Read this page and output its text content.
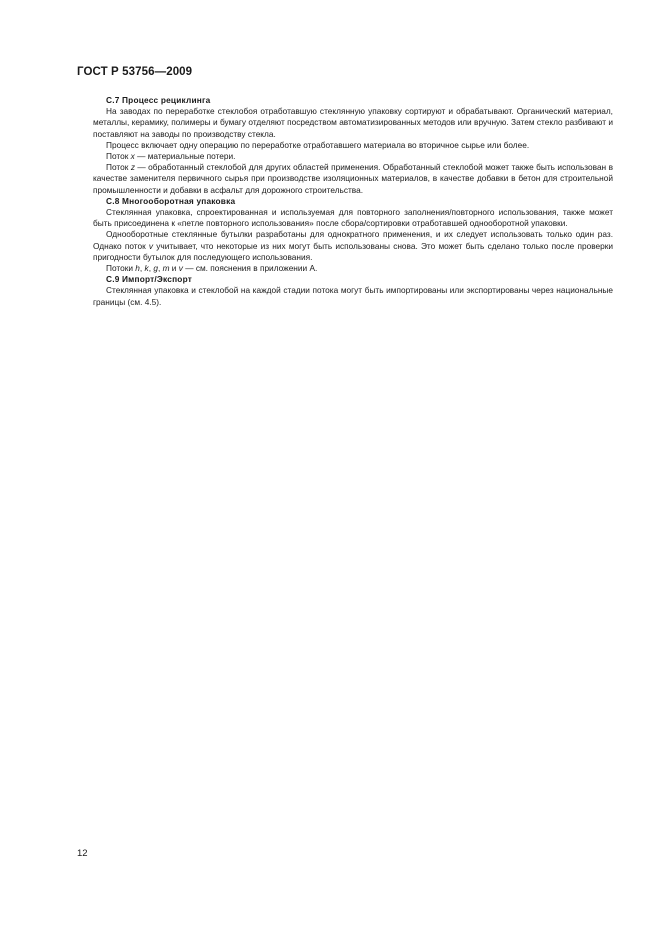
ГОСТ Р 53756—2009

С.7 Процесс рециклинга

На заводах по переработке стеклобоя отработавшую стеклянную упаковку сортируют и обрабатывают. Органический материал, металлы, керамику, полимеры и бумагу отделяют посредством автоматизированных методов или вручную. Затем стекло разбивают и поставляют на заводы по производству стекла.

Процесс включает одну операцию по переработке отработавшего материала во вторичное сырье или более.

Поток x — материальные потери.

Поток z — обработанный стеклобой для других областей применения. Обработанный стеклобой может также быть использован в качестве заменителя первичного сырья при производстве изоляционных материалов, в качестве добавки в бетон для строительной промышленности и добавки в асфальт для дорожного строительства.

С.8 Многооборотная упаковка

Стеклянная упаковка, спроектированная и используемая для повторного заполнения/повторного использования, также может быть присоединена к «петле повторного использования» после сбора/сортировки отработавшей однооборотной упаковки.

Однооборотные стеклянные бутылки разработаны для однократного применения, и их следует использовать только один раз. Однако поток v учитывает, что некоторые из них могут быть использованы снова. Это может быть сделано только после проверки пригодности бутылок для последующего использования.

Потоки h, k, g, m и v — см. пояснения в приложении А.

С.9 Импорт/Экспорт

Стеклянная упаковка и стеклобой на каждой стадии потока могут быть импортированы или экспортированы через национальные границы (см. 4.5).

12
